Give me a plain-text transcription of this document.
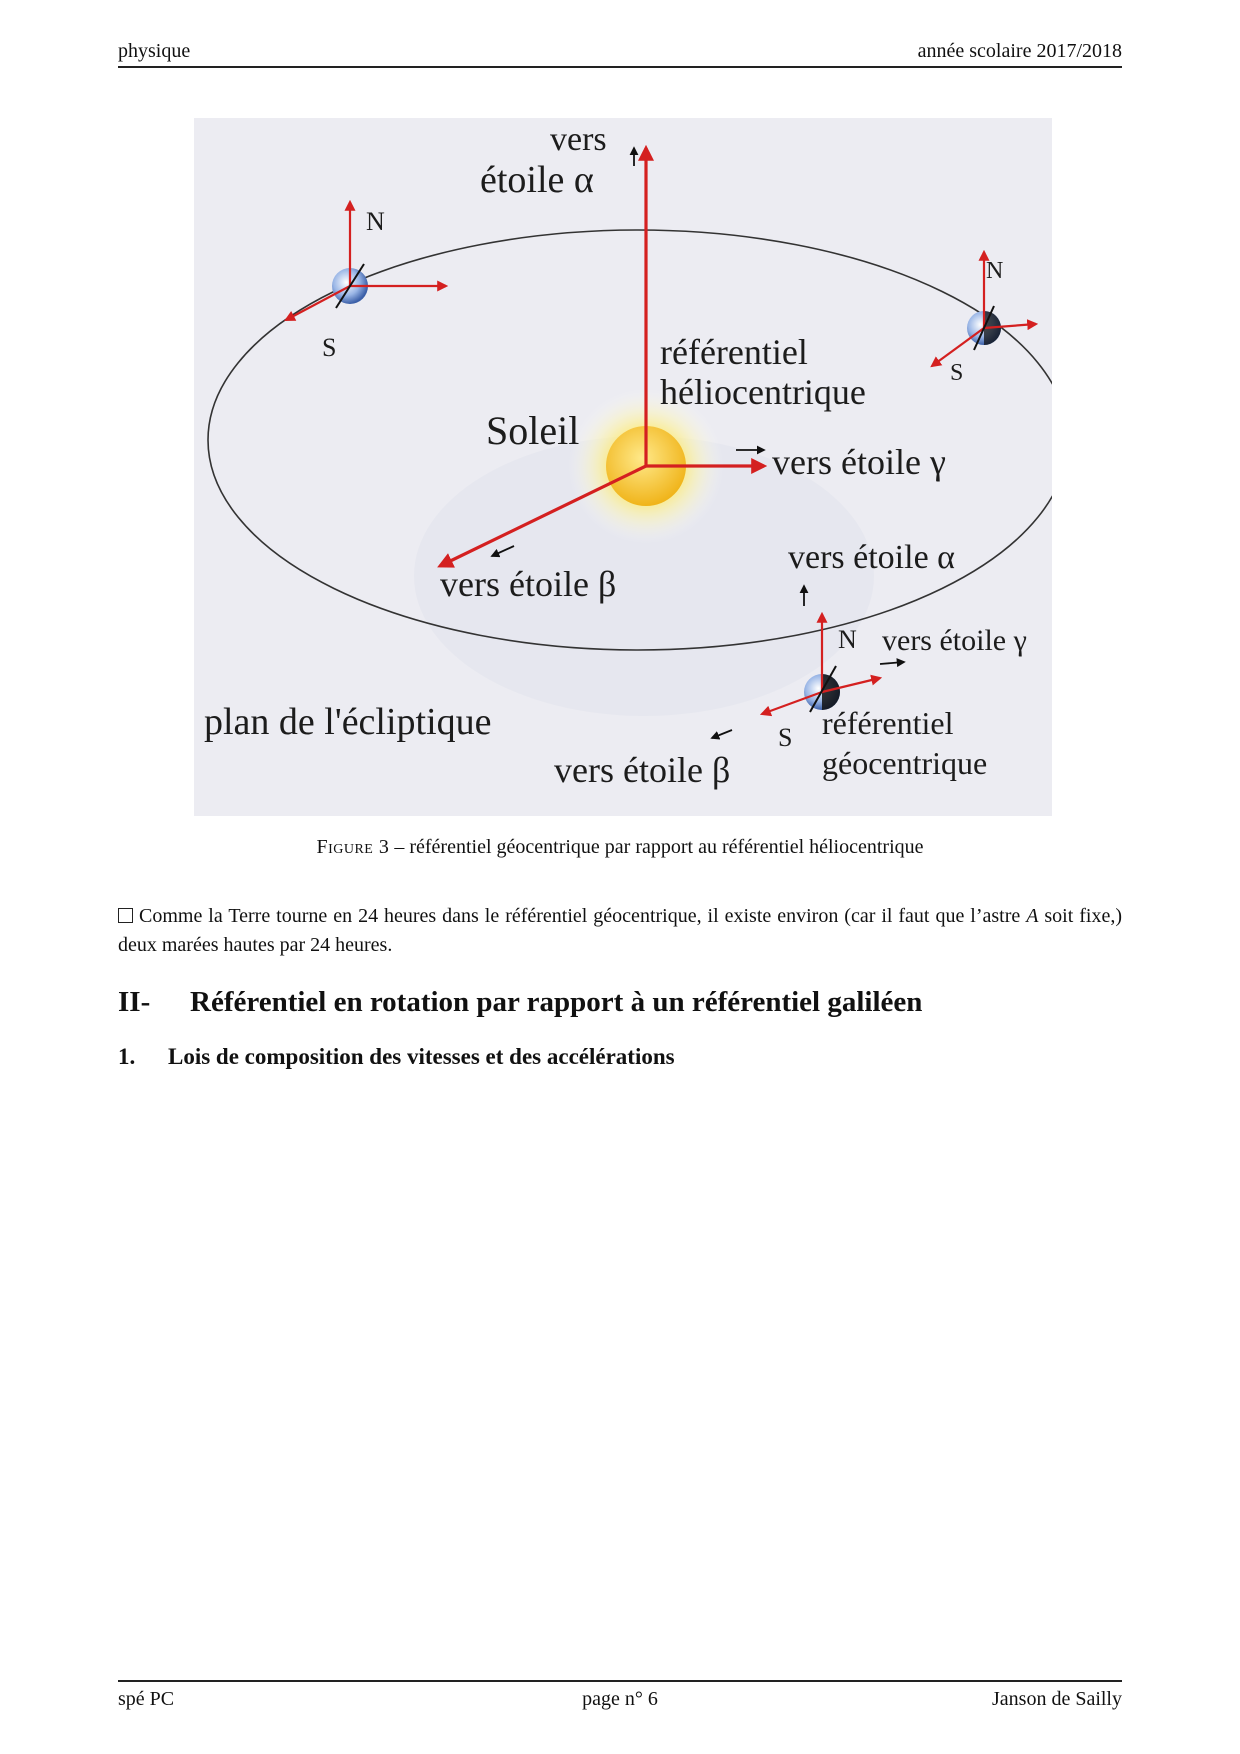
physique	année scolaire 2017/2018
vers
étoile α
N
S
N
S
référentiel
héliocentrique
Soleil
vers étoile γ
vers étoile β
vers étoile α
N vers étoile γ
plan de l'écliptique	S référentiel
géocentrique
vers étoile β
Figure 3 – référentiel géocentrique par rapport au référentiel héliocentrique
Comme la Terre tourne en 24 heures dans le référentiel géocentrique, il existe environ (car il faut que l’astre A soit fixe,) deux marées hautes par 24 heures.
II- Référentiel en rotation par rapport à un référentiel galiléen
1. Lois de composition des vitesses et des accélérations
spé PC	page n° 6	Janson de Sailly
